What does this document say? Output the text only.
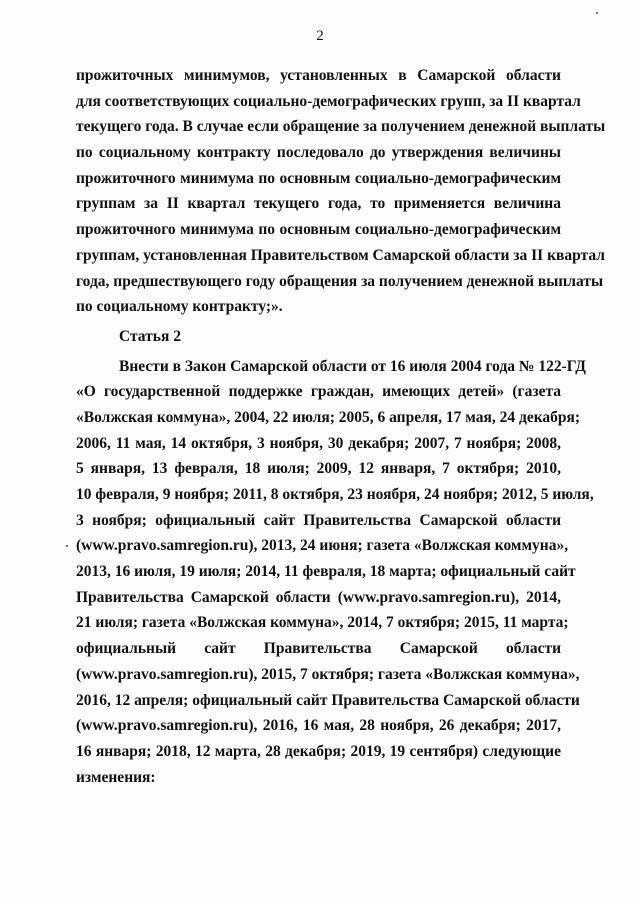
2
прожиточных минимумов, установленных в Самарской области
для соответствующих социально-демографических групп, за II квартал
текущего года. В случае если обращение за получением денежной выплаты
по социальному контракту последовало до утверждения величины
прожиточного минимума по основным социально-демографическим
группам за II квартал текущего года, то применяется величина
прожиточного минимума по основным социально-демографическим
группам, установленная Правительством Самарской области за II квартал
года, предшествующего году обращения за получением денежной выплаты
по социальному контракту;».
Статья 2
Внести в Закон Самарской области от 16 июля 2004 года № 122-ГД
«О государственной поддержке граждан, имеющих детей» (газета
«Волжская коммуна», 2004, 22 июля; 2005, 6 апреля, 17 мая, 24 декабря;
2006, 11 мая, 14 октября, 3 ноября, 30 декабря; 2007, 7 ноября; 2008,
5 января, 13 февраля, 18 июля; 2009, 12 января, 7 октября; 2010,
10 февраля, 9 ноября; 2011, 8 октября, 23 ноября, 24 ноября; 2012, 5 июля,
3 ноября; официальный сайт Правительства Самарской области
(www.pravo.samregion.ru), 2013, 24 июня; газета «Волжская коммуна»,
2013, 16 июля, 19 июля; 2014, 11 февраля, 18 марта; официальный сайт
Правительства Самарской области (www.pravo.samregion.ru), 2014,
21 июля; газета «Волжская коммуна», 2014, 7 октября; 2015, 11 марта;
официальный сайт Правительства Самарской области
(www.pravo.samregion.ru), 2015, 7 октября; газета «Волжская коммуна»,
2016, 12 апреля; официальный сайт Правительства Самарской области
(www.pravo.samregion.ru), 2016, 16 мая, 28 ноября, 26 декабря; 2017,
16 января; 2018, 12 марта, 28 декабря; 2019, 19 сентября) следующие
изменения:
